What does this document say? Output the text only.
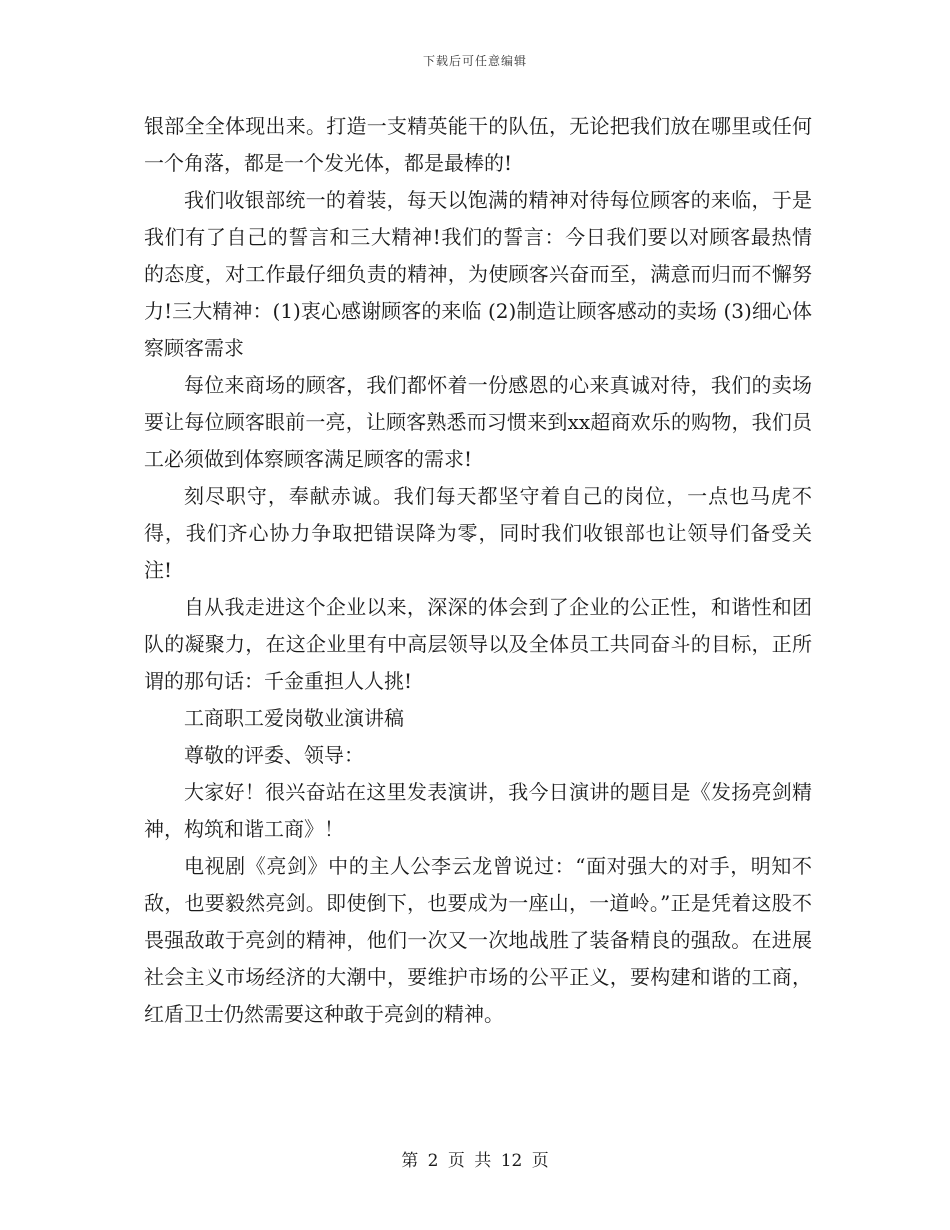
下载后可任意编辑

银部全全体现出来。打造一支精英能干的队伍，无论把我们放在哪里或任何一个角落，都是一个发光体，都是最棒的!

我们收银部统一的着装，每天以饱满的精神对待每位顾客的来临，于是我们有了自己的誓言和三大精神!我们的誓言：今日我们要以对顾客最热情的态度，对工作最仔细负责的精神，为使顾客兴奋而至，满意而归而不懈努力!三大精神：(1)衷心感谢顾客的来临 (2)制造让顾客感动的卖场 (3)细心体察顾客需求

每位来商场的顾客，我们都怀着一份感恩的心来真诚对待，我们的卖场要让每位顾客眼前一亮，让顾客熟悉而习惯来到xx超商欢乐的购物，我们员工必须做到体察顾客满足顾客的需求!

刻尽职守，奉献赤诚。我们每天都坚守着自己的岗位，一点也马虎不得，我们齐心协力争取把错误降为零，同时我们收银部也让领导们备受关注!

自从我走进这个企业以来，深深的体会到了企业的公正性，和谐性和团队的凝聚力，在这企业里有中高层领导以及全体员工共同奋斗的目标，正所谓的那句话：千金重担人人挑!

工商职工爱岗敬业演讲稿

尊敬的评委、领导：

大家好！很兴奋站在这里发表演讲，我今日演讲的题目是《发扬亮剑精神，构筑和谐工商》！

电视剧《亮剑》中的主人公李云龙曾说过：“面对强大的对手，明知不敌，也要毅然亮剑。即使倒下，也要成为一座山，一道岭。”正是凭着这股不畏强敌敢于亮剑的精神，他们一次又一次地战胜了装备精良的强敌。在进展社会主义市场经济的大潮中，要维护市场的公平正义，要构建和谐的工商，红盾卫士仍然需要这种敢于亮剑的精神。

第 2 页 共 12 页
